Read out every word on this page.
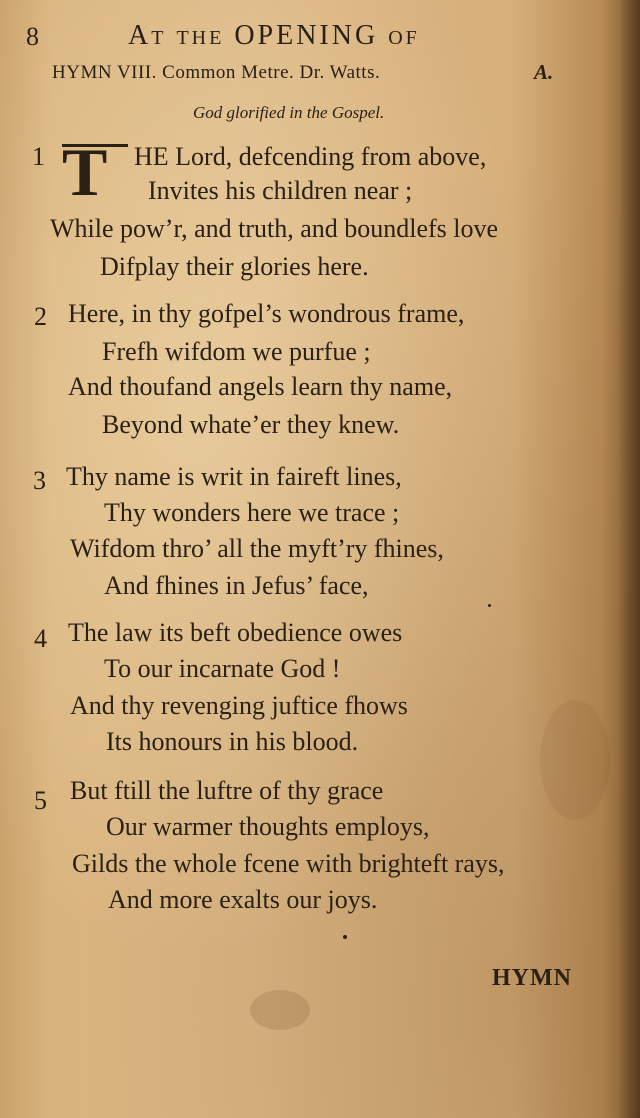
8	At the OPENING of
HYMN VIII. Common Metre. Dr. Watts.	A.
God glorified in the Gospel.
1 T HE Lord, defcending from above,
Invites his children near ;
While pow’r, and truth, and boundlefs love
Difplay their glories here.
2 Here, in thy gofpel’s wondrous frame,
Frefh wifdom we purfue ;
And thoufand angels learn thy name,
Beyond whate’er they knew.
3 Thy name is writ in faireft lines,
Thy wonders here we trace ;
Wifdom thro’ all the myft’ry fhines,
And fhines in Jefus’ face,
4 The law its beft obedience owes
To our incarnate God !
And thy revenging juftice fhows
Its honours in his blood.
5 But ftill the luftre of thy grace
Our warmer thoughts employs,
Gilds the whole fcene with brighteft rays,
And more exalts our joys.
HYMN
